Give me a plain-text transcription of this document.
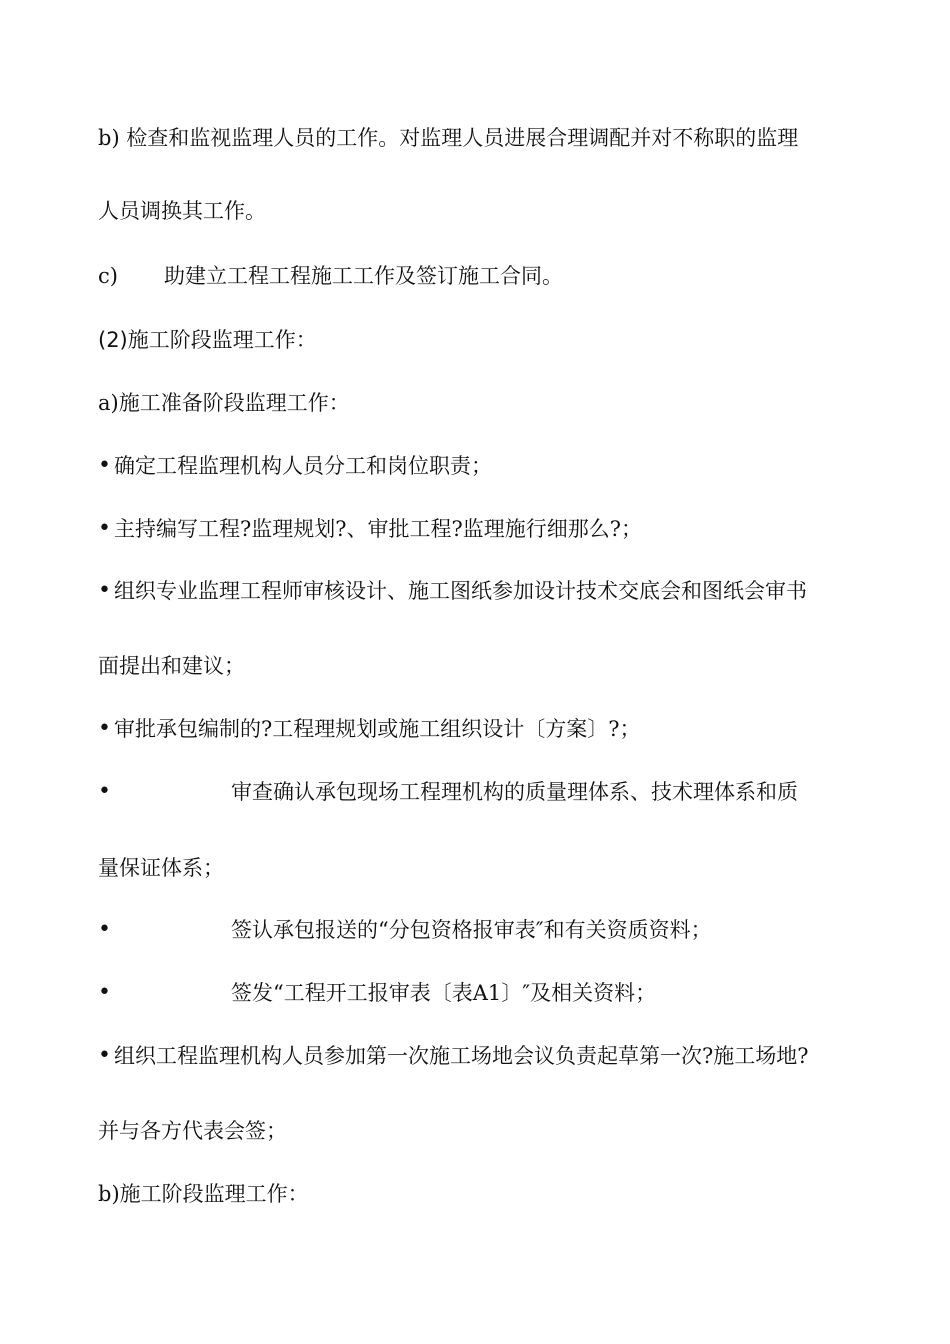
b) 检查和监视监理人员的工作。对监理人员进展合理调配并对不称职的监理
人员调换其工作。
c) 助建立工程工程施工工作及签订施工合同。
(2)施工阶段监理工作：
a)施工准备阶段监理工作：
• 确定工程监理机构人员分工和岗位职责；
• 主持编写工程?监理规划?、审批工程?监理施行细那么?；
• 组织专业监理工程师审核设计、施工图纸参加设计技术交底会和图纸会审书
面提出和建议；
• 审批承包编制的?工程理规划或施工组织设计〔方案〕?；
•	审查确认承包现场工程理机构的质量理体系、技术理体系和质
量保证体系；
•	签认承包报送的“分包资格报审表″和有关资质资料；
•	签发“工程开工报审表〔表A1〕″及相关资料；
• 组织工程监理机构人员参加第一次施工场地会议负责起草第一次?施工场地?
并与各方代表会签；
b)施工阶段监理工作：
